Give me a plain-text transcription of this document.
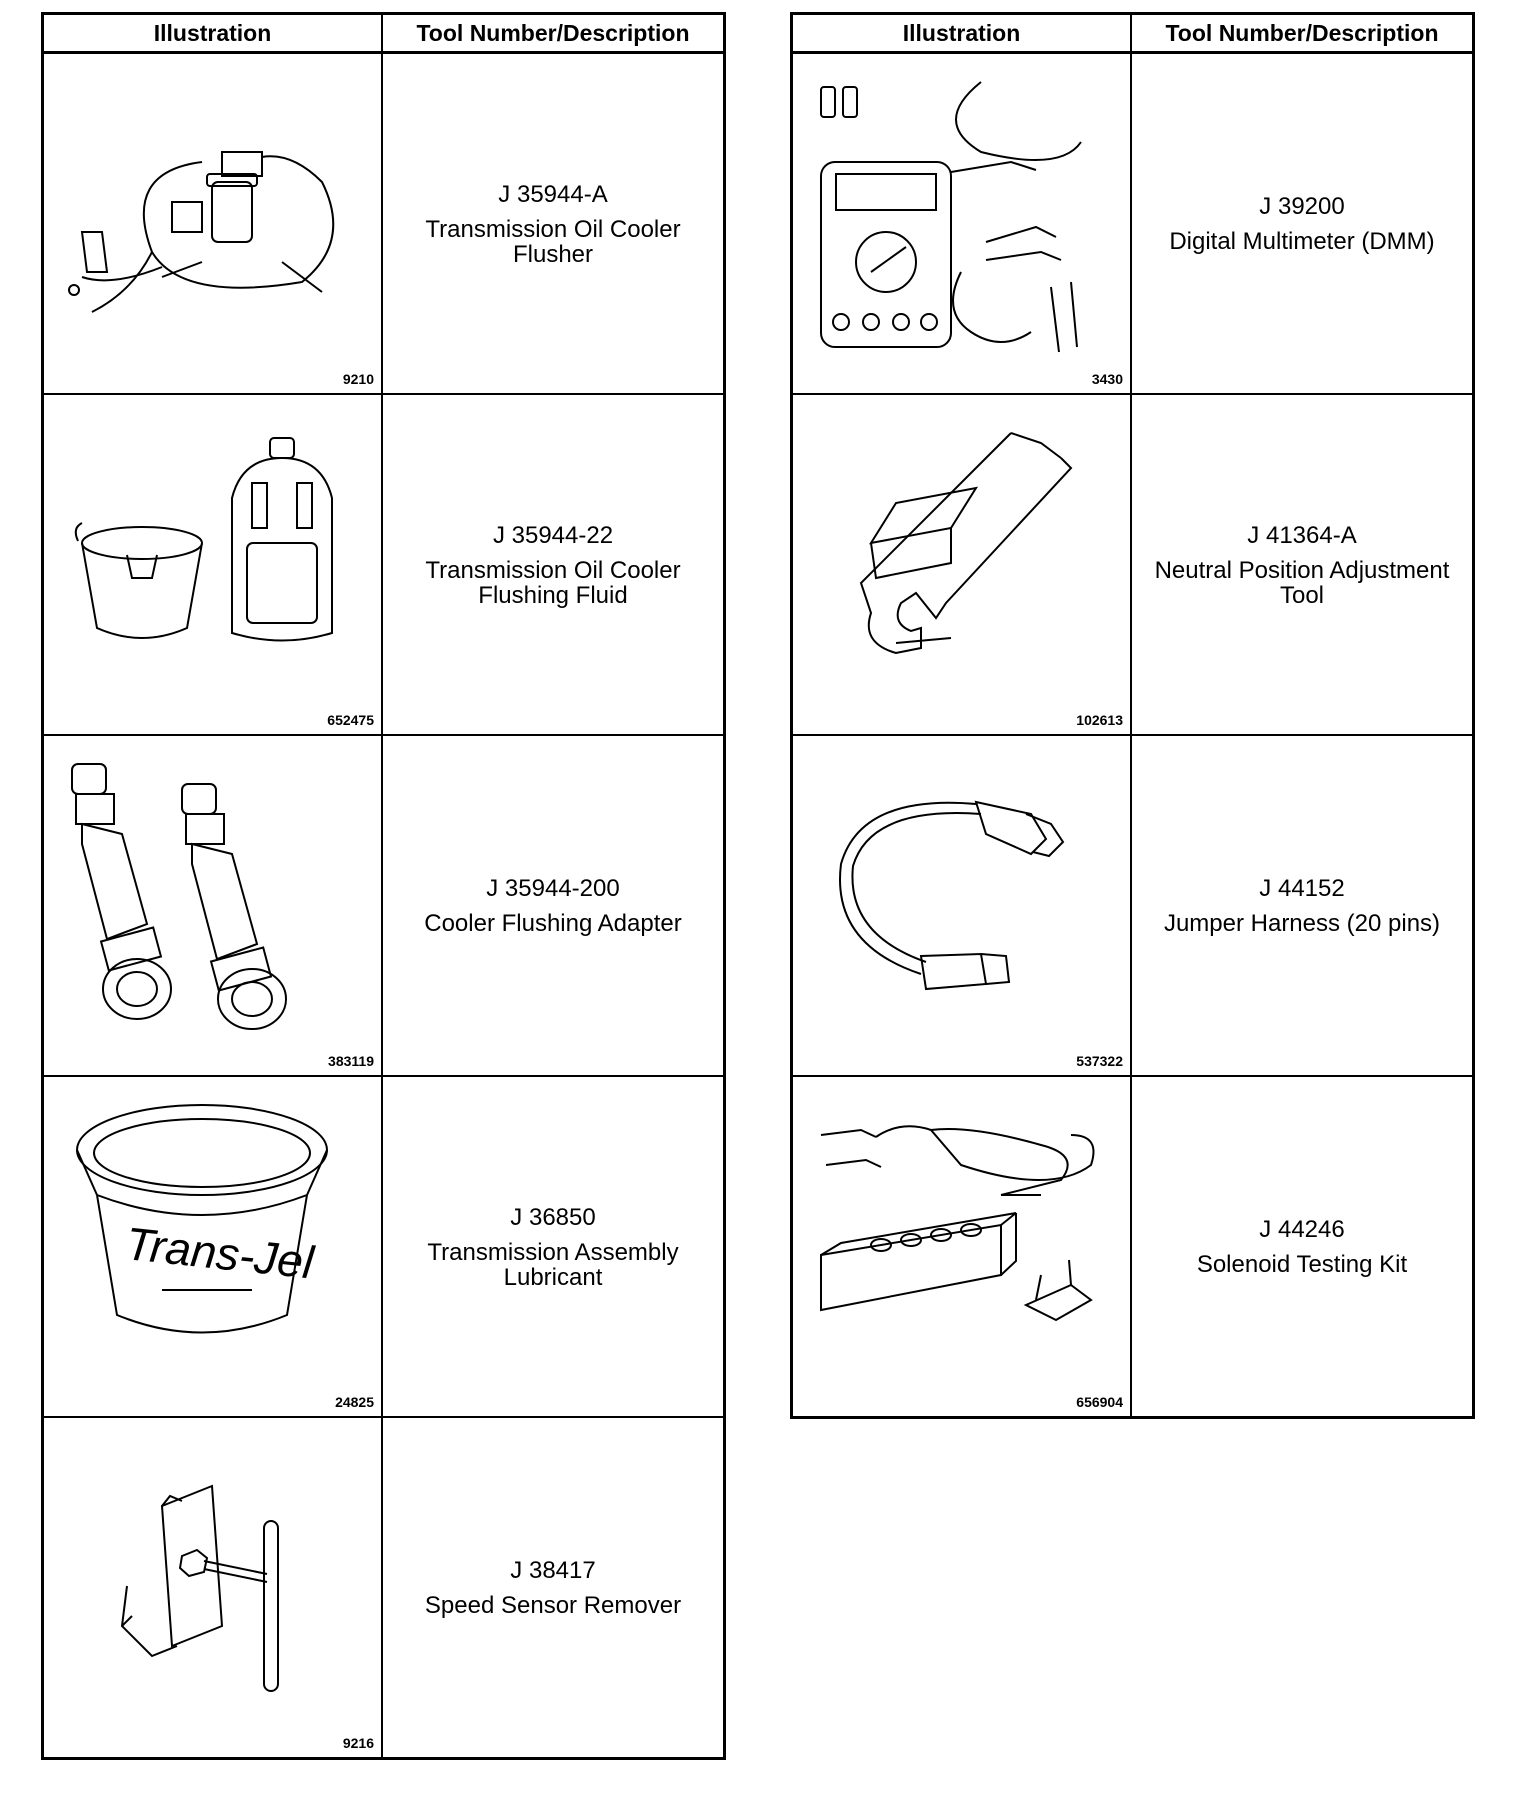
Illustration	Tool Number/Description

9210	J 35944-A
Transmission Oil Cooler Flusher

652475	J 35944-22
Transmission Oil Cooler Flushing Fluid

383119	J 35944-200
Cooler Flushing Adapter

Trans-Jel
24825	J 36850
Transmission Assembly Lubricant

9216	J 38417
Speed Sensor Remover
Illustration	Tool Number/Description

3430	J 39200
Digital Multimeter (DMM)

102613	J 41364-A
Neutral Position Adjustment Tool

537322	J 44152
Jumper Harness (20 pins)

656904	J 44246
Solenoid Testing Kit
